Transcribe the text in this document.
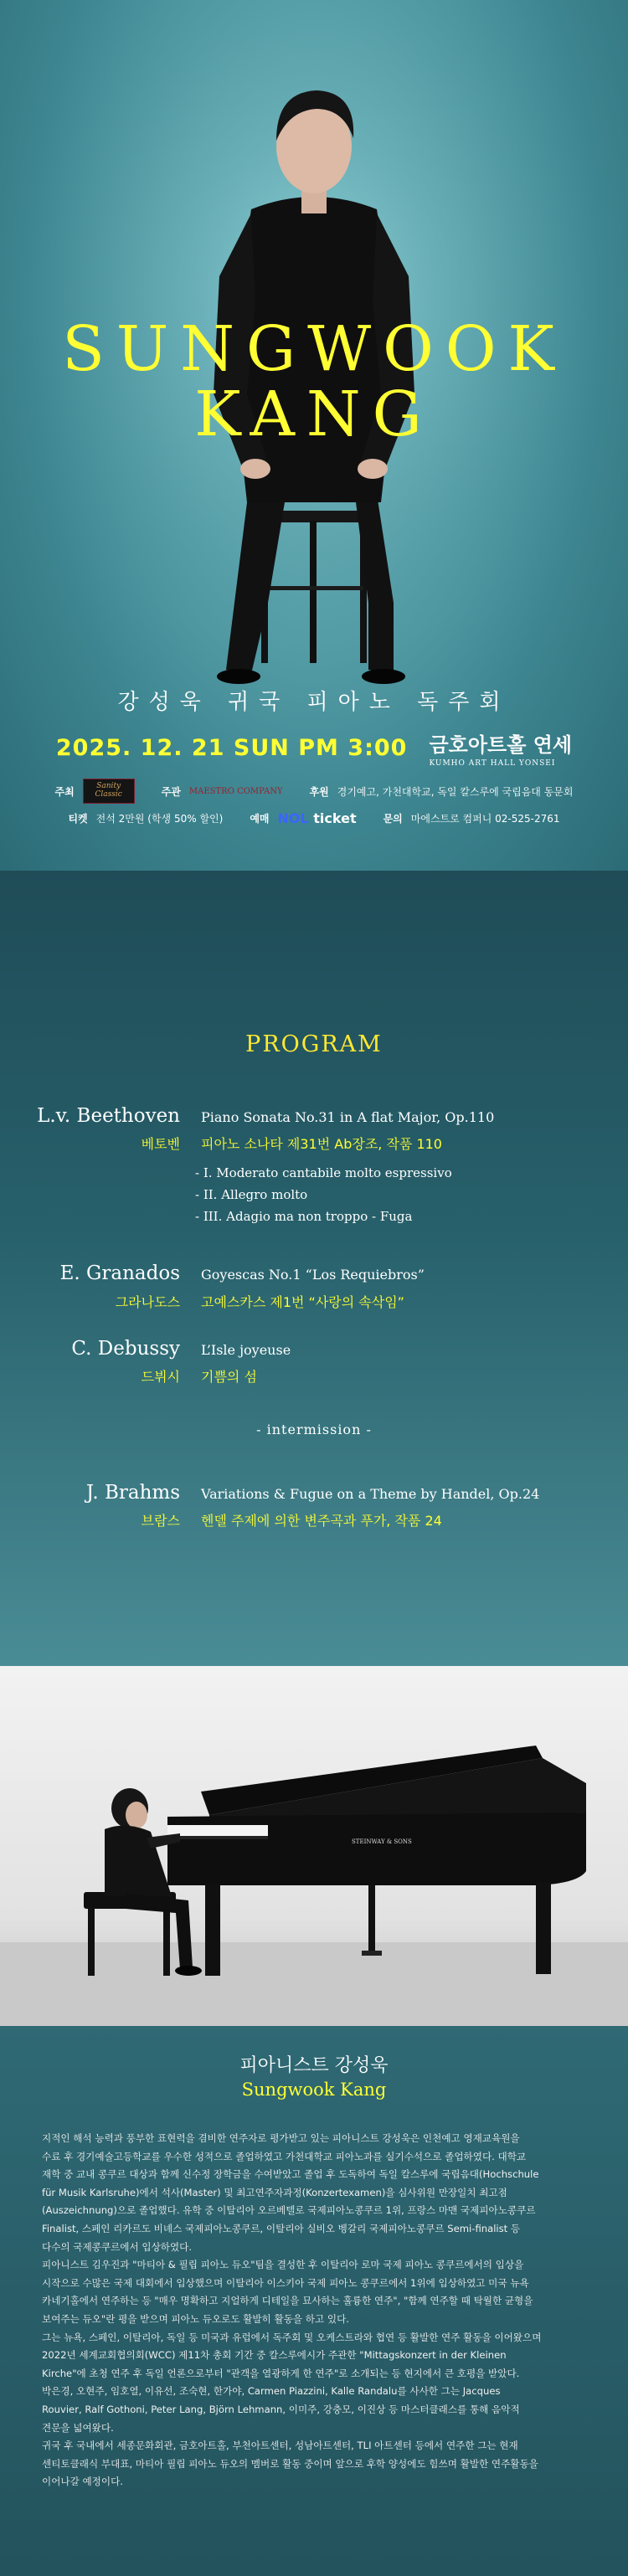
SUNGWOOK
KANG
강성욱 귀국 피아노 독주회
2025. 12. 21 SUN PM 3:00 금호아트홀 연세
KUMHO ART HALL YONSEI
주최	Sanity Classic	주관 MAESTRO COMPANY	후원 경기예고, 가천대학교, 독일 칼스루에 국립음대 동문회
티켓 전석 2만원 (학생 50% 할인)	예매 NOL ticket	문의 마에스트로 컴퍼니 02-525-2761
PROGRAM
L.v. Beethoven Piano Sonata No.31 in A flat Major, Op.110
베토벤 피아노 소나타 제31번 Ab장조, 작품 110
- I. Moderato cantabile molto espressivo
- II. Allegro molto
- III. Adagio ma non troppo - Fuga
E. Granados Goyescas No.1 “Los Requiebros”
그라나도스 고예스카스 제1번 “사랑의 속삭임”
C. Debussy L’Isle joyeuse
드뷔시 기쁨의 섬
- intermission -
J. Brahms Variations & Fugue on a Theme by Handel, Op.24
브람스 헨델 주제에 의한 변주곡과 푸가, 작품 24
STEINWAY & SONS
피아니스트 강성욱
Sungwook Kang

지적인 해석 능력과 풍부한 표현력을 겸비한 연주자로 평가받고 있는 피아니스트 강성욱은 인천예고 영재교육원을

수료 후 경기예술고등학교를 우수한 성적으로 졸업하였고 가천대학교 피아노과를 실기수석으로 졸업하였다. 대학교

재학 중 교내 콩쿠르 대상과 함께 신수정 장학금을 수여받았고 졸업 후 도독하여 독일 칼스루에 국립음대(Hochschule

für Musik Karlsruhe)에서 석사(Master) 및 최고연주자과정(Konzertexamen)을 심사위원 만장일치 최고점

(Auszeichnung)으로 졸업했다. 유학 중 이탈리아 오르베텔로 국제피아노콩쿠르 1위, 프랑스 마맨 국제피아노콩쿠르

Finalist, 스페인 리카르도 비녜스 국제피아노콩쿠르, 이탈리아 실비오 벵갈리 국제피아노콩쿠르 Semi-finalist 등

다수의 국제콩쿠르에서 입상하였다.

피아니스트 김우진과 "마티아 & 필립 피아노 듀오"팀을 결성한 후 이탈리아 로마 국제 피아노 콩쿠르에서의 입상을

시작으로 수많은 국제 대회에서 입상했으며 이탈리아 이스키아 국제 피아노 콩쿠르에서 1위에 입상하였고 미국 뉴욕

카네기홀에서 연주하는 등 "매우 명확하고 지얼하게 디테일을 묘사하는 훌륭한 연주", "함께 연주할 때 탁월한 균형을

보여주는 듀오"란 평을 받으며 피아노 듀오로도 활발히 활동을 하고 있다.

그는 뉴욕, 스페인, 이탈리아, 독일 등 미국과 유럽에서 독주회 및 오케스트라와 협연 등 활발한 연주 활동을 이어왔으며

2022년 세계교회협의회(WCC) 제11차 총회 기간 중 칼스루에시가 주관한 "Mittagskonzert in der Kleinen

Kirche"에 초청 연주 후 독일 언론으로부터 "관객을 열광하게 한 연주"로 소개되는 등 현지에서 큰 호평을 받았다.

박은경, 오현주, 임호열, 이유선, 조숙현, 한가야, Carmen Piazzini, Kalle Randalu를 사사한 그는 Jacques

Rouvier, Ralf Gothoni, Peter Lang, Björn Lehmann, 이미주, 강충모, 이진상 등 마스터클래스를 통해 음악적

견문을 넓여왔다.

귀국 후 국내에서 세종문화회관, 금호아트홀, 부천아트센터, 성남아트센터, TLI 아트센터 등에서 연주한 그는 현재

센티토클래식 부대표, 마티아 필립 피아노 듀오의 멤버로 활동 중이며 앞으로 후학 양성에도 힘쓰며 활발한 연주활동을

이어나갈 예정이다.
